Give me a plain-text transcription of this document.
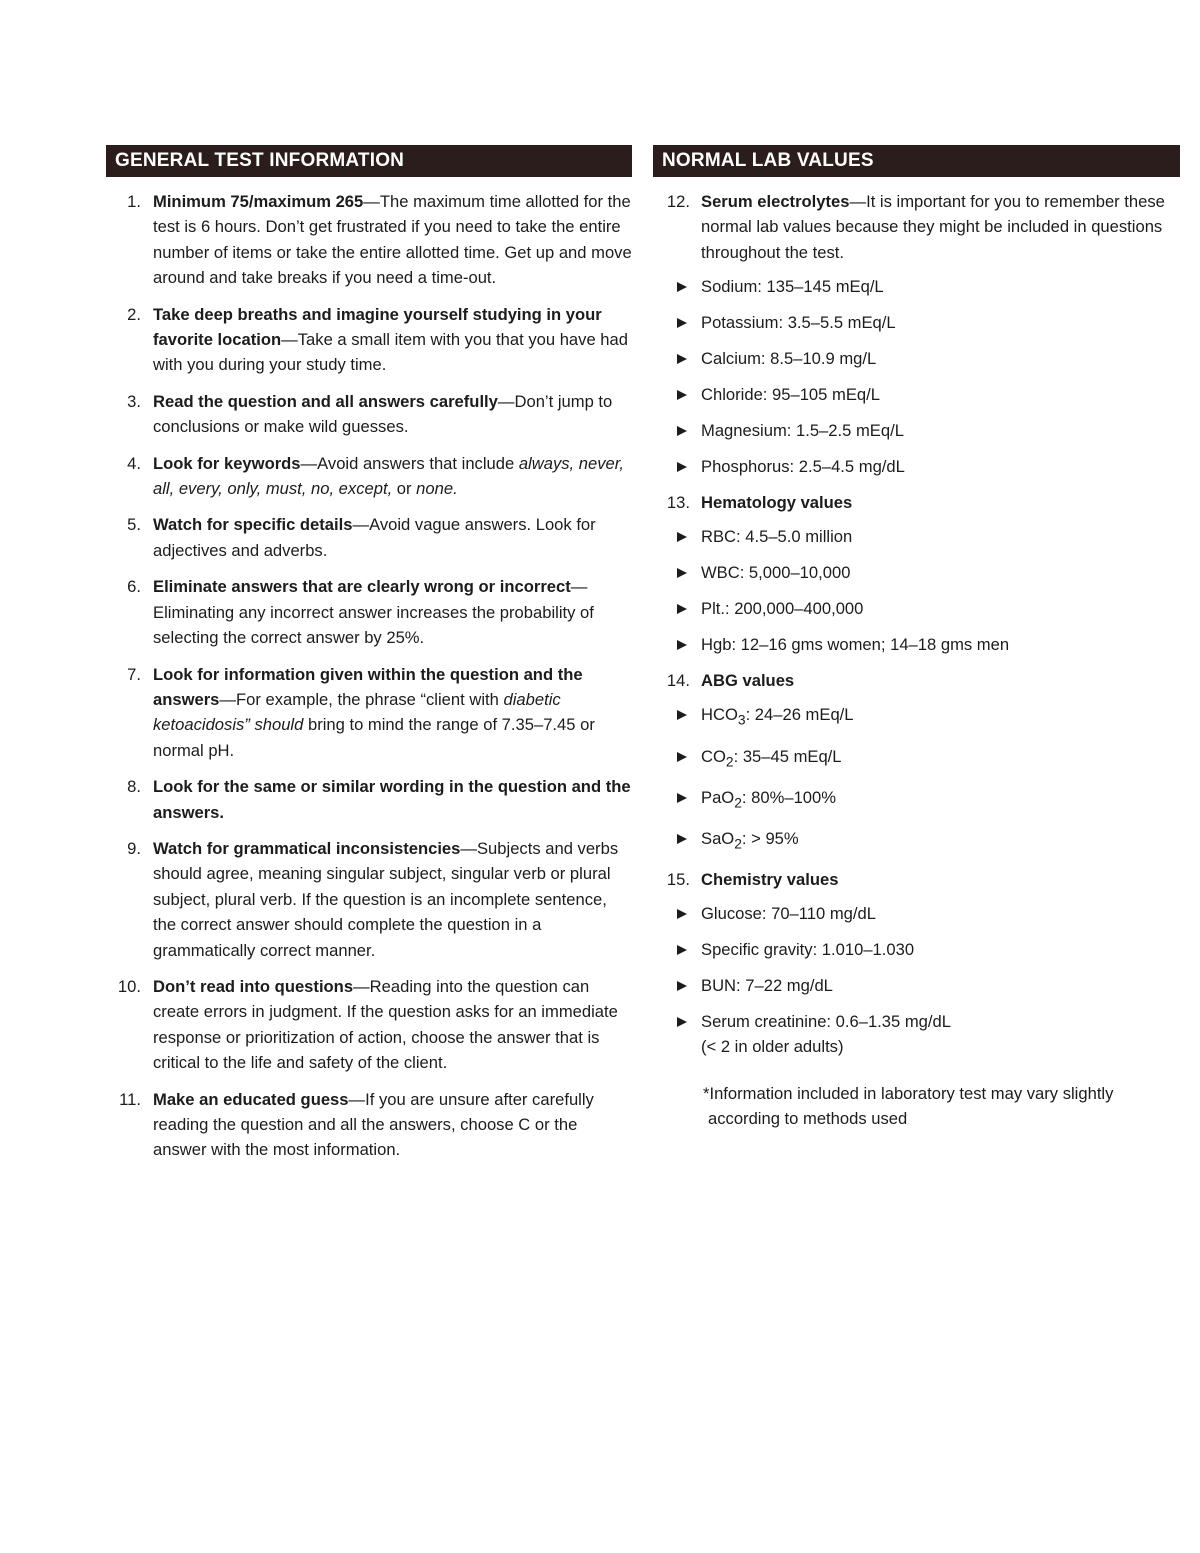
GENERAL TEST INFORMATION
1. Minimum 75/maximum 265—The maximum time allotted for the test is 6 hours. Don’t get frustrated if you need to take the entire number of items or take the entire allotted time. Get up and move around and take breaks if you need a time-out.
2. Take deep breaths and imagine yourself studying in your favorite location—Take a small item with you that you have had with you during your study time.
3. Read the question and all answers carefully—Don’t jump to conclusions or make wild guesses.
4. Look for keywords—Avoid answers that include always, never, all, every, only, must, no, except, or none.
5. Watch for specific details—Avoid vague answers. Look for adjectives and adverbs.
6. Eliminate answers that are clearly wrong or incorrect—Eliminating any incorrect answer increases the probability of selecting the correct answer by 25%.
7. Look for information given within the question and the answers—For example, the phrase “client with diabetic ketoacidosis” should bring to mind the range of 7.35–7.45 or normal pH.
8. Look for the same or similar wording in the question and the answers.
9. Watch for grammatical inconsistencies—Subjects and verbs should agree, meaning singular subject, singular verb or plural subject, plural verb. If the question is an incomplete sentence, the correct answer should complete the question in a grammatically correct manner.
10. Don’t read into questions—Reading into the question can create errors in judgment. If the question asks for an immediate response or prioritization of action, choose the answer that is critical to the life and safety of the client.
11. Make an educated guess—If you are unsure after carefully reading the question and all the answers, choose C or the answer with the most information.
NORMAL LAB VALUES
12. Serum electrolytes—It is important for you to remember these normal lab values because they might be included in questions throughout the test.
Sodium: 135–145 mEq/L
Potassium: 3.5–5.5 mEq/L
Calcium: 8.5–10.9 mg/L
Chloride: 95–105 mEq/L
Magnesium: 1.5–2.5 mEq/L
Phosphorus: 2.5–4.5 mg/dL
13. Hematology values
RBC: 4.5–5.0 million
WBC: 5,000–10,000
Plt.: 200,000–400,000
Hgb: 12–16 gms women; 14–18 gms men
14. ABG values
$HCO_3$: 24–26 mEq/L
$CO_2$: 35–45 mEq/L
PaO$_2$: 80%–100%
SaO$_2$: > 95%
15. Chemistry values
Glucose: 70–110 mg/dL
Specific gravity: 1.010–1.030
BUN: 7–22 mg/dL
Serum creatinine: 0.6–1.35 mg/dL
(< 2 in older adults)
*Information included in laboratory test may vary slightly
according to methods used
